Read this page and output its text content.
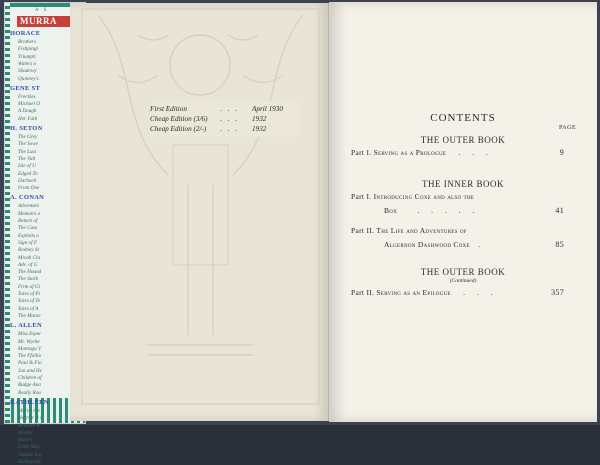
A S
MURRA
HORACE
Brothers
Fishpingl
Triumph
Waters o
Shadowy
Quinney's
GENE ST
Freckles
Michael O
A Daugh
Her Fath
H. SETON
The Grey
The Sowe
The Last
The Vult
Isle of U
Edged To
Darbach
From One
A. CONAN
Adventure
Memoirs o
Return of
The Case
Exploits o
Sign of F
Rodney St
Micah Cla
Adv. of G
The Hound
The Stark
Firm of Gi
Tales of Pi
Tales of Te
Tales of A
The Marac
L. ALLEN
Miss Esper
Mr. Wyche
Montagu V
The Ffollio
Paul & Fio
Jan and He
Children of
Budge Ana
Really Rou
KATHLEEN
Martie the
Harriet & t
Beloved W
Mother
Sisters
Little Ship
Outlaw Lov
Hildegarde
First Edition	. . .	April 1930
Cheap Edition (3/6)	. . .	1932
Cheap Edition (2/-)	. . .	1932
CONTENTS
PAGE
THE OUTER BOOK
Part I. Serving as a Prologue . . .	9
THE INNER BOOK
Part I. Introducing Coxe and also the
Box	. . . . .	41
Part II. The Life and Adventures of
Algernon Dashwood Coxe .	85
THE OUTER BOOK
(Continued)
Part II. Serving as an Epilogue . . .	357
